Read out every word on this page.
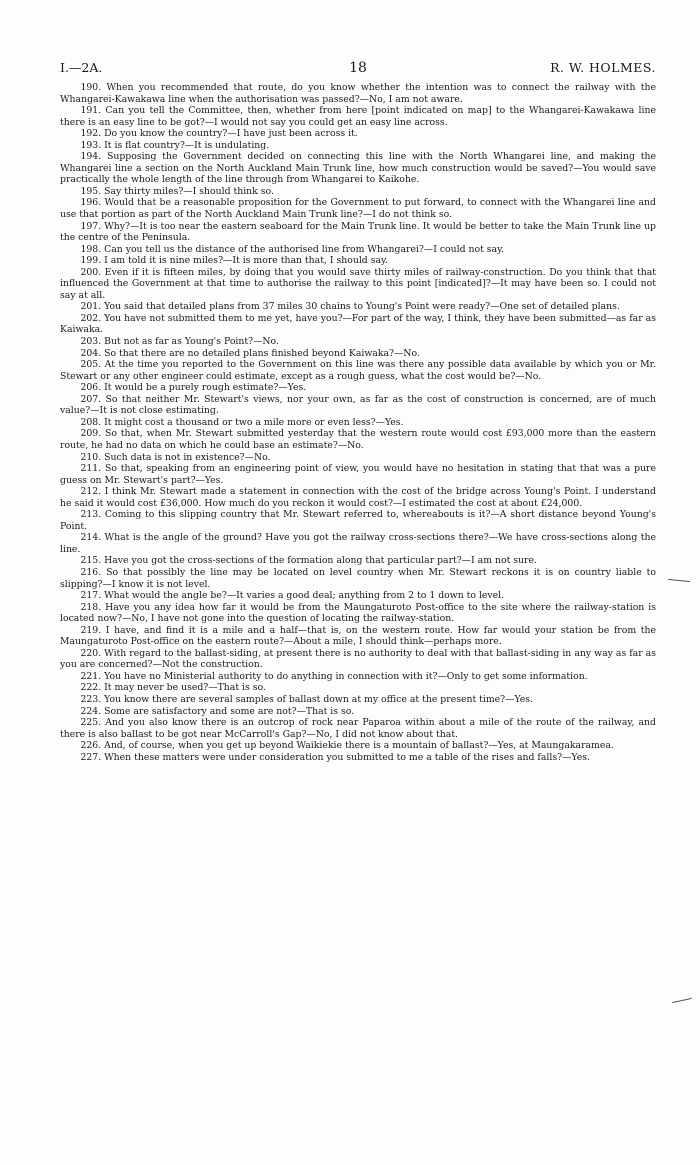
I.—2A.	18	R. W. HOLMES.

190. When you recommended that route, do you know whether the intention was to connect the railway with the Whangarei-Kawakawa line when the authorisation was passed?—No, I am not aware.

191. Can you tell the Committee, then, whether from here [point indicated on map] to the Whangarei-Kawakawa line there is an easy line to be got?—I would not say you could get an easy line across.

192. Do you know the country?—I have just been across it.

193. It is flat country?—It is undulating.

194. Supposing the Government decided on connecting this line with the North Whangarei line, and making the Whangarei line a section on the North Auckland Main Trunk line, how much construction would be saved?—You would save practically the whole length of the line through from Whangarei to Kaikohe.

195. Say thirty miles?—I should think so.

196. Would that be a reasonable proposition for the Government to put forward, to connect with the Whangarei line and use that portion as part of the North Auckland Main Trunk line?—I do not think so.

197. Why?—It is too near the eastern seaboard for the Main Trunk line. It would be better to take the Main Trunk line up the centre of the Peninsula.

198. Can you tell us the distance of the authorised line from Whangarei?—I could not say.

199. I am told it is nine miles?—It is more than that, I should say.

200. Even if it is fifteen miles, by doing that you would save thirty miles of railway-construction. Do you think that that influenced the Government at that time to authorise the railway to this point [indicated]?—It may have been so. I could not say at all.

201. You said that detailed plans from 37 miles 30 chains to Young's Point were ready?—One set of detailed plans.

202. You have not submitted them to me yet, have you?—For part of the way, I think, they have been submitted—as far as Kaiwaka.

203. But not as far as Young's Point?—No.

204. So that there are no detailed plans finished beyond Kaiwaka?—No.

205. At the time you reported to the Government on this line was there any possible data available by which you or Mr. Stewart or any other engineer could estimate, except as a rough guess, what the cost would be?—No.

206. It would be a purely rough estimate?—Yes.

207. So that neither Mr. Stewart's views, nor your own, as far as the cost of construction is concerned, are of much value?—It is not close estimating.

208. It might cost a thousand or two a mile more or even less?—Yes.

209. So that, when Mr. Stewart submitted yesterday that the western route would cost £93,000 more than the eastern route, he had no data on which he could base an estimate?—No.

210. Such data is not in existence?—No.

211. So that, speaking from an engineering point of view, you would have no hesitation in stating that that was a pure guess on Mr. Stewart's part?—Yes.

212. I think Mr. Stewart made a statement in connection with the cost of the bridge across Young's Point. I understand he said it would cost £36,000. How much do you reckon it would cost?—I estimated the cost at about £24,000.

213. Coming to this slipping country that Mr. Stewart referred to, whereabouts is it?—A short distance beyond Young's Point.

214. What is the angle of the ground? Have you got the railway cross-sections there?—We have cross-sections along the line.

215. Have you got the cross-sections of the formation along that particular part?—I am not sure.

216. So that possibly the line may be located on level country when Mr. Stewart reckons it is on country liable to slipping?—I know it is not level.

217. What would the angle be?—It varies a good deal; anything from 2 to 1 down to level.

218. Have you any idea how far it would be from the Maungaturoto Post-office to the site where the railway-station is located now?—No, I have not gone into the question of locating the railway-station.

219. I have, and find it is a mile and a half—that is, on the western route. How far would your station be from the Maungaturoto Post-office on the eastern route?—About a mile, I should think—perhaps more.

220. With regard to the ballast-siding, at present there is no authority to deal with that ballast-siding in any way as far as you are concerned?—Not the construction.

221. You have no Ministerial authority to do anything in connection with it?—Only to get some information.

222. It may never be used?—That is so.

223. You know there are several samples of ballast down at my office at the present time?—Yes.

224. Some are satisfactory and some are not?—That is so.

225. And you also know there is an outcrop of rock near Paparoa within about a mile of the route of the railway, and there is also ballast to be got near McCarroll's Gap?—No, I did not know about that.

226. And, of course, when you get up beyond Waikiekie there is a mountain of ballast?—Yes, at Maungakaramea.

227. When these matters were under consideration you submitted to me a table of the rises and falls?—Yes.
